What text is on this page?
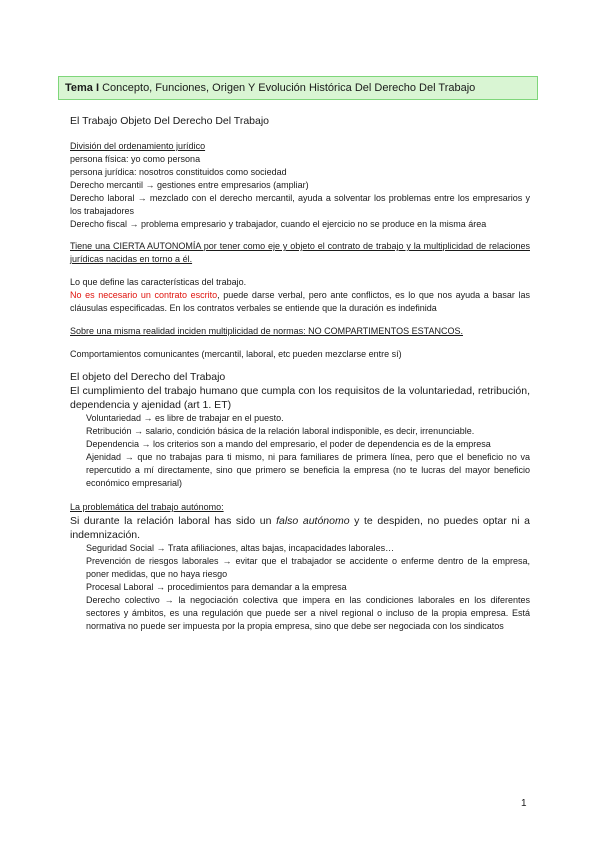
Tema I Concepto, Funciones, Origen Y Evolución Histórica Del Derecho Del Trabajo

El Trabajo Objeto Del Derecho Del Trabajo

División del ordenamiento jurídico

persona física: yo como persona

persona jurídica: nosotros constituidos como sociedad

Derecho mercantil → gestiones entre empresarios (ampliar)

Derecho laboral → mezclado con el derecho mercantil, ayuda a solventar los problemas entre los empresarios y los trabajadores

Derecho fiscal → problema empresario y trabajador, cuando el ejercicio no se produce en la misma área

Tiene una CIERTA AUTONOMÍA por tener como eje y objeto el contrato de trabajo y la multiplicidad de relaciones jurídicas nacidas en torno a él.

Lo que define las características del trabajo.

No es necesario un contrato escrito, puede darse verbal, pero ante conflictos, es lo que nos ayuda a basar las cláusulas especificadas. En los contratos verbales se entiende que la duración es indefinida

Sobre una misma realidad inciden multiplicidad de normas: NO COMPARTIMENTOS ESTANCOS.

Comportamientos comunicantes (mercantil, laboral, etc pueden mezclarse entre sí)

El objeto del Derecho del Trabajo

El cumplimiento del trabajo humano que cumpla con los requisitos de la voluntariedad, retribución, dependencia y ajenidad (art 1. ET)

Voluntariedad → es libre de trabajar en el puesto.

Retribución → salario, condición básica de la relación laboral indisponible, es decir, irrenunciable.

Dependencia → los criterios son a mando del empresario, el poder de dependencia es de la empresa

Ajenidad → que no trabajas para ti mismo, ni para familiares de primera línea, pero que el beneficio no va repercutido a mí directamente, sino que primero se beneficia la empresa (no te lucras del mayor beneficio económico empresarial)

La problemática del trabajo autónomo:

Si durante la relación laboral has sido un falso autónomo y te despiden, no puedes optar ni a indemnización.

Seguridad Social → Trata afiliaciones, altas bajas, incapacidades laborales…

Prevención de riesgos laborales → evitar que el trabajador se accidente o enferme dentro de la empresa, poner medidas, que no haya riesgo

Procesal Laboral → procedimientos para demandar a la empresa

Derecho colectivo → la negociación colectiva que impera en las condiciones laborales en los diferentes sectores y ámbitos, es una regulación que puede ser a nivel regional o incluso de la propia empresa. Está normativa no puede ser impuesta por la propia empresa, sino que debe ser negociada con los sindicatos

1
